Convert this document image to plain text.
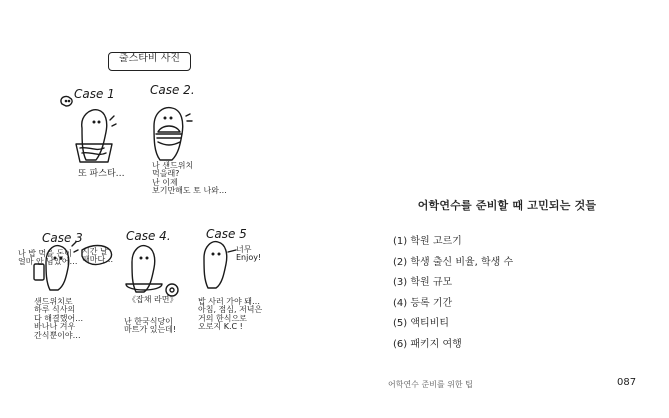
출스타비 사진
Case 1	Case 2.
Case 3	Case 4.	Case 5
또 파스타…
나 샌드위치
먹을래?
난 이제
보기만해도 토 나와…
나 밥 먹을 돈이
얼마 안 남았어…
시간 날
때마다…
샌드위치로
하루 식사의
다 해결했어…
바나나 겨우
간식뿐이야…
《잡채 라면》
난 한국식당이
마트가 있는데!
너무
Enjoy!
밥 사러 가야 돼…
아침, 점심, 저녁은
거의 한식으로
오로지 K.C !
어학연수를 준비할 때 고민되는 것들
(1) 학원 고르기
(2) 학생 출신 비율, 학생 수
(3) 학원 규모
(4) 등록 기간
(5) 액티비티
(6) 패키지 여행
어학연수 준비를 위한 팁	087
